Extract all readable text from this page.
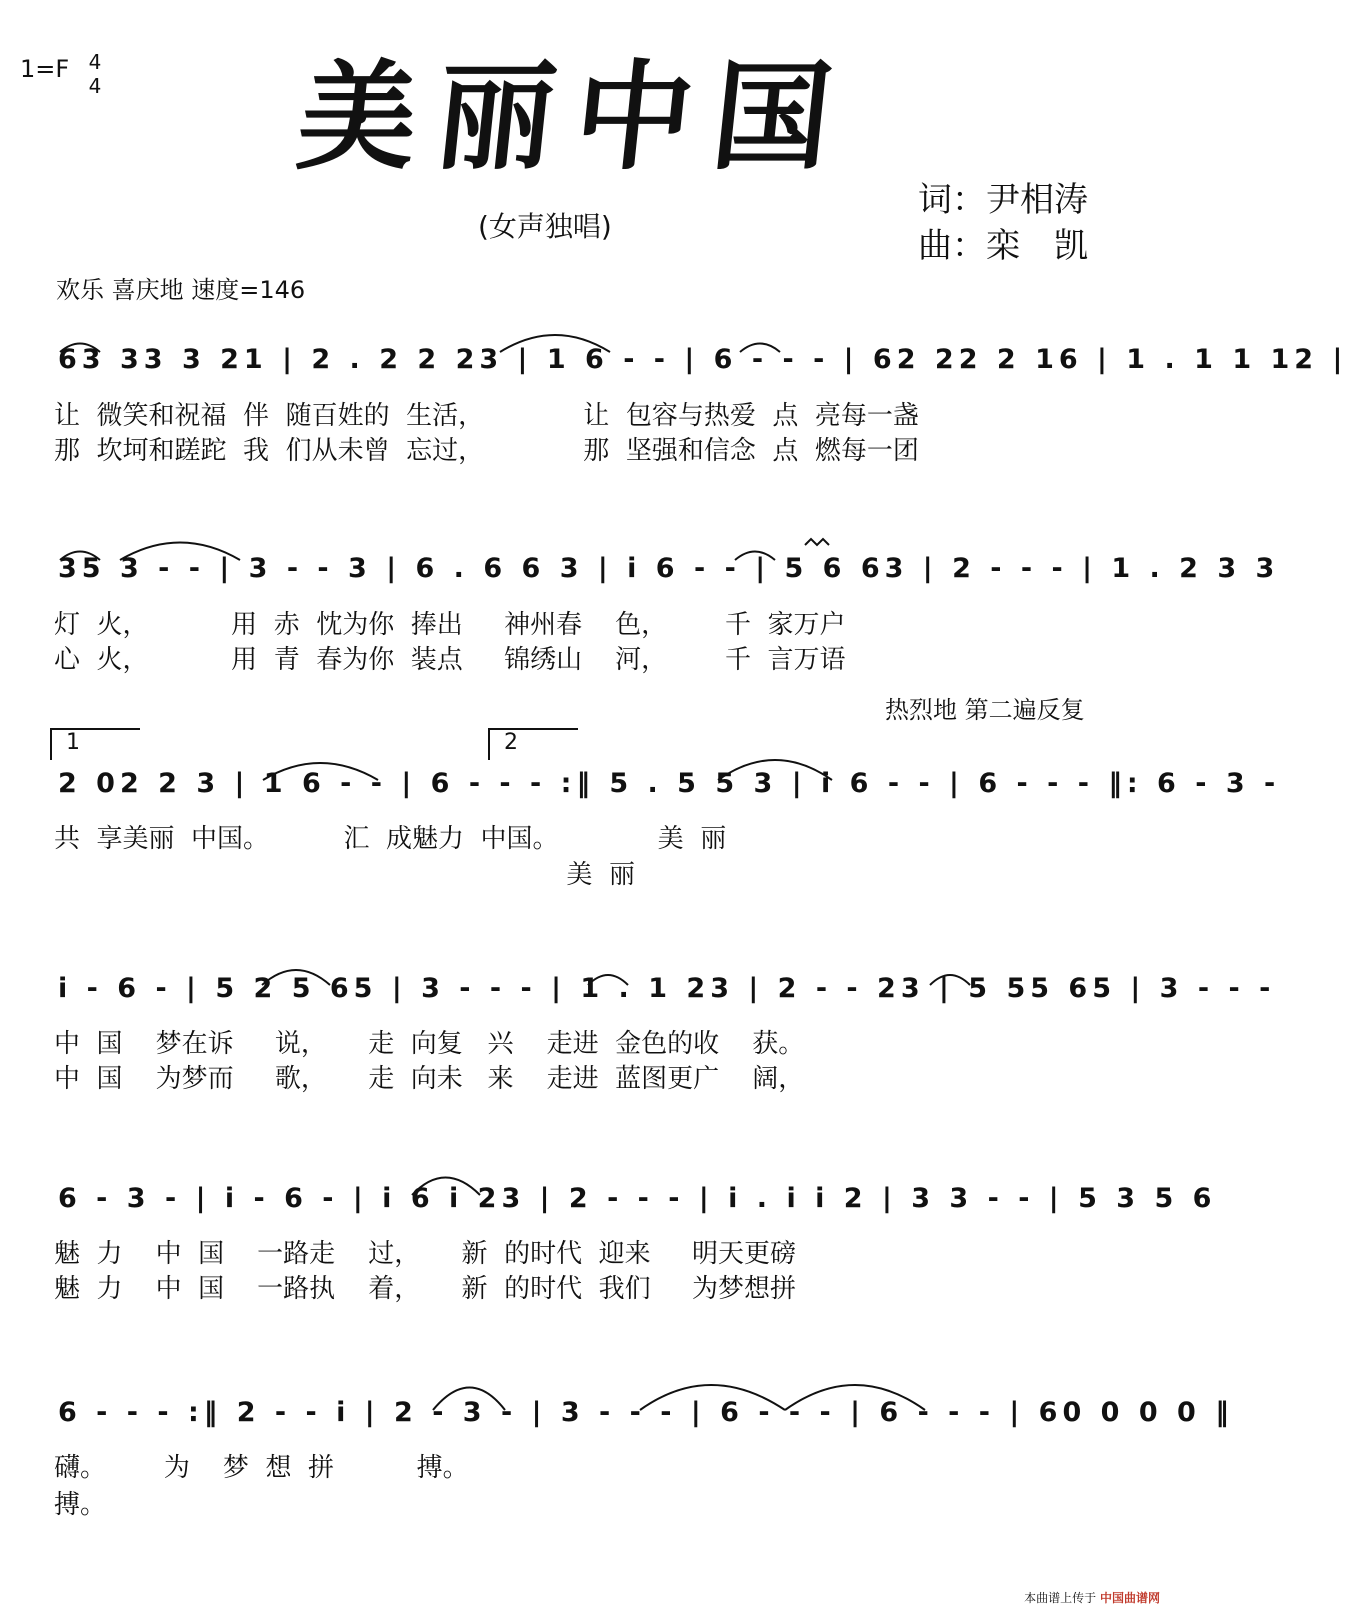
1=F 4
4 美丽中国
(女声独唱)
词：尹相涛
曲：栾　凯
欢乐 喜庆地 速度=146
热烈地 第二遍反复
63 33 3 21 | 2 . 2 2 23 | 1 6 - - | 6 - - - | 62 22 2 16 | 1 . 1 1 12 |
让  微笑和祝福  伴  随百姓的  生活，            让  包容与热爱  点  亮每一盏
那  坎坷和蹉跎  我  们从未曾  忘过，            那  坚强和信念  点  燃每一团
35 3 - - | 3 - - 3 | 6 . 6 6 3 | i 6 - - | 5 6 63 | 2 - - - | 1 . 2 3 3
灯  火，          用  赤  忱为你  捧出     神州春    色，       千  家万户
心  火，          用  青  春为你  装点     锦绣山    河，       千  言万语
1	2
2 02 2 3 | 1 6 - - | 6 - - - :‖ 5 . 5 5 3 | i 6 - - | 6 - - - ‖: 6 - 3 -
共  享美丽  中国。         汇  成魅力  中国。            美  丽
美  丽
i - 6 - | 5 2 5 65 | 3 - - - | 1 . 1 23 | 2 - - 23 | 5 55 65 | 3 - - -
中  国    梦在诉     说，     走  向复   兴    走进  金色的收    获。
中  国    为梦而     歌，     走  向未   来    走进  蓝图更广    阔，
6 - 3 - | i - 6 - | i 6 i 23 | 2 - - - | i . i i 2 | 3 3 - - | 5 3 5 6
魅  力    中  国    一路走    过，     新  的时代  迎来     明天更磅
魅  力    中  国    一路执    着，     新  的时代  我们     为梦想拼
6 - - - :‖ 2 - - i | 2 - 3 - | 3 - - - | 6 - - - | 6 - - - | 60 0 0 0 ‖
礴。       为    梦  想  拼          搏。
搏。
本曲谱上传于 中国曲谱网
